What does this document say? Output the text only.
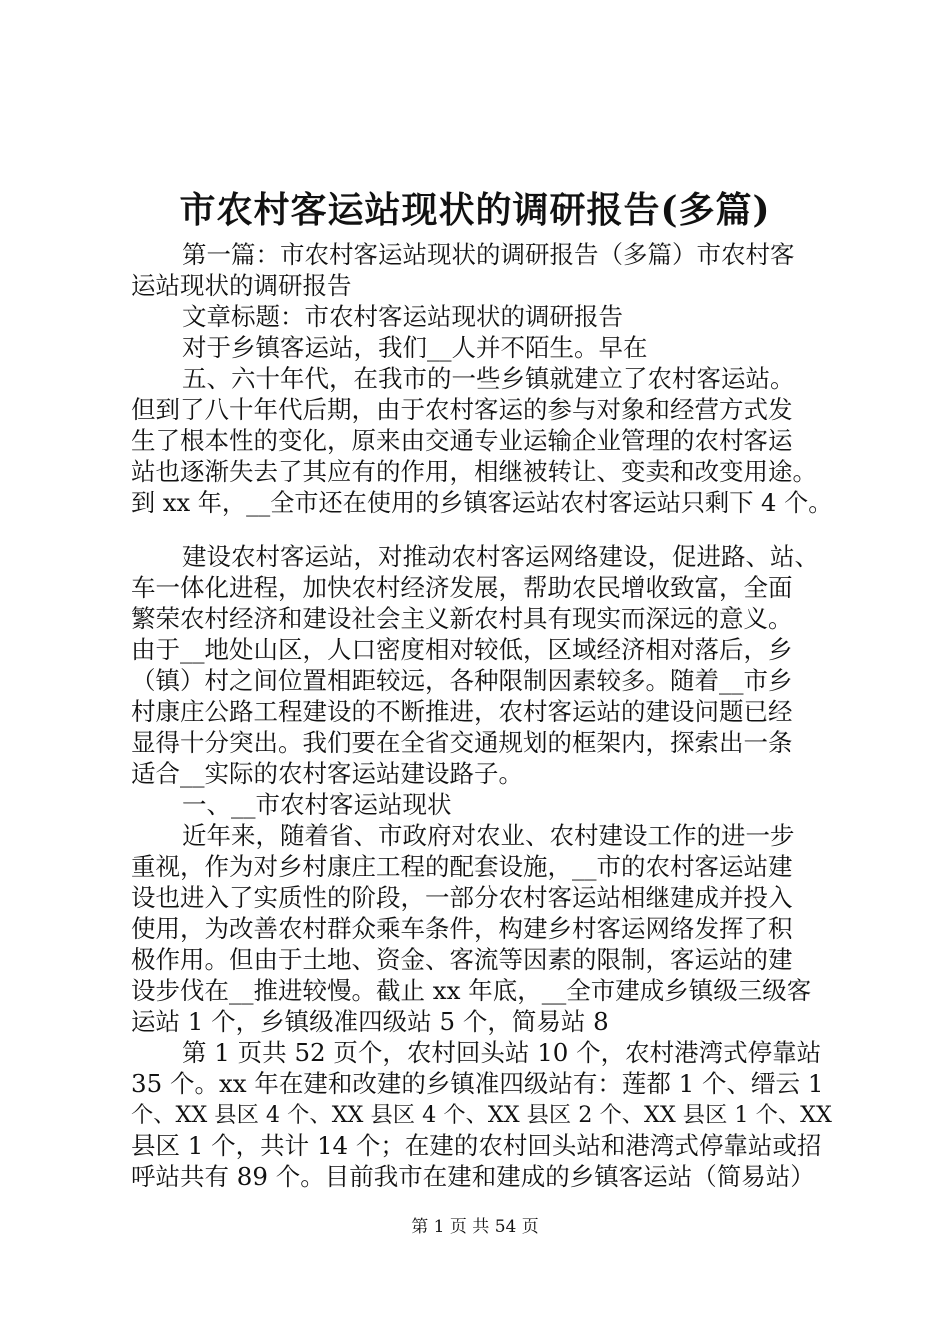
市农村客运站现状的调研报告(多篇)
第一篇：市农村客运站现状的调研报告（多篇）市农村客
运站现状的调研报告
文章标题：市农村客运站现状的调研报告
对于乡镇客运站，我们__人并不陌生。早在
五、六十年代，在我市的一些乡镇就建立了农村客运站。
但到了八十年代后期，由于农村客运的参与对象和经营方式发
生了根本性的变化，原来由交通专业运输企业管理的农村客运
站也逐渐失去了其应有的作用，相继被转让、变卖和改变用途。
到 xx 年，__全市还在使用的乡镇客运站农村客运站只剩下 4 个。
建设农村客运站，对推动农村客运网络建设，促进路、站、
车一体化进程，加快农村经济发展，帮助农民增收致富，全面
繁荣农村经济和建设社会主义新农村具有现实而深远的意义。
由于__地处山区，人口密度相对较低，区域经济相对落后，乡
（镇）村之间位置相距较远，各种限制因素较多。随着__市乡
村康庄公路工程建设的不断推进，农村客运站的建设问题已经
显得十分突出。我们要在全省交通规划的框架内，探索出一条
适合__实际的农村客运站建设路子。
一、__市农村客运站现状
近年来，随着省、市政府对农业、农村建设工作的进一步
重视，作为对乡村康庄工程的配套设施，__市的农村客运站建
设也进入了实质性的阶段，一部分农村客运站相继建成并投入
使用，为改善农村群众乘车条件，构建乡村客运网络发挥了积
极作用。但由于土地、资金、客流等因素的限制，客运站的建
设步伐在__推进较慢。截止 xx 年底，__全市建成乡镇级三级客
运站 1 个，乡镇级准四级站 5 个，简易站 8
第 1 页共 52 页个，农村回头站 10 个，农村港湾式停靠站
35 个。xx 年在建和改建的乡镇准四级站有：莲都 1 个、缙云 1
个、XX 县区 4 个、XX 县区 4 个、XX 县区 2 个、XX 县区 1 个、XX
县区 1 个，共计 14 个；在建的农村回头站和港湾式停靠站或招
呼站共有 89 个。目前我市在建和建成的乡镇客运站（简易站）
第 1 页 共 54 页
